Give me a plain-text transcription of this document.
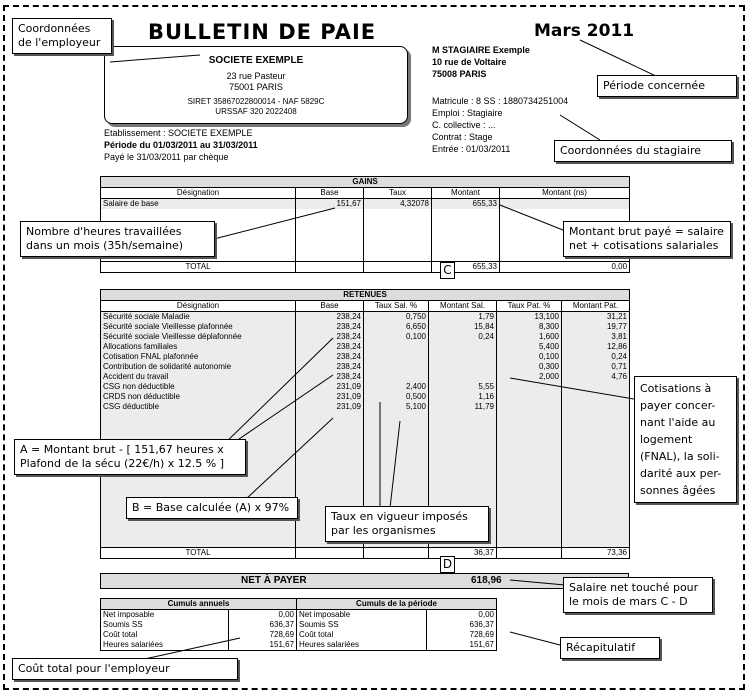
BULLETIN DE PAIE	Mars 2011
SOCIETE EXEMPLE
23 rue Pasteur
75001 PARIS
SIRET 35867022800014 - NAF 5829C
URSSAF 320 2022408
Etablissement : SOCIETE EXEMPLE
Période du 01/03/2011 au 31/03/2011
Payé le 31/03/2011 par chèque
M STAGIAIRE Exemple
10 rue de Voltaire
75008 PARIS
Matricule : 8 SS : 1880734251004
Emploi : Stagiaire
C. collective : ...
Contrat : Stage
Entrée : 01/03/2011
GAINS				
Désignation	Base	Taux	Montant	Montant (ns)
Salaire de base	151,67	4,32078	655,33	

TOTAL			655,33	0,00
RETENUES					
Désignation	Base	Taux Sal. %	Montant Sal.	Taux Pat. %	Montant Pat.
Sécurité sociale Maladie	238,24	0,750	1,79	13,100	31,21
Sécurité sociale Vieillesse plafonnée	238,24	6,650	15,84	8,300	19,77
Sécurité sociale Vieillesse déplafonnée	238,24	0,100	0,24	1,600	3,81
Allocations familiales	238,24			5,400	12,86
Cotisation FNAL plafonnée	238,24			0,100	0,24
Contribution de solidarité autonomie	238,24			0,300	0,71
Accident du travail	238,24			2,000	4,76
CSG non déductible	231,09	2,400	5,55		
CRDS non déductible	231,09	0,500	1,16		
CSG déductible	231,09	5,100	11,79		

TOTAL			36,37		73,36
NET À PAYER	618,96
Cumuls annuels	
Net imposable	0,00
Soumis SS	636,37
Coût total	728,69
Heures salariées	151,67
Cumuls de la période	
Net imposable	0,00
Soumis SS	636,37
Coût total	728,69
Heures salariées	151,67
C
D
Coordonnées de l'employeur
Période concernée
Coordonnées du stagiaire
Nombre d'heures travaillées dans un mois (35h/semaine)
Montant brut payé = salaire net + cotisations salariales
Cotisations à payer concer-nant l'aide au logement (FNAL), la soli-darité aux per-sonnes âgées
A = Montant brut - [ 151,67 heures x Plafond de la sécu (22€/h) x 12.5 % ]
B = Base calculée (A) x 97%
Taux en vigueur imposés par les organismes
Salaire net touché pour le mois de mars C - D
Récapitulatif
Coût total pour l'employeur
